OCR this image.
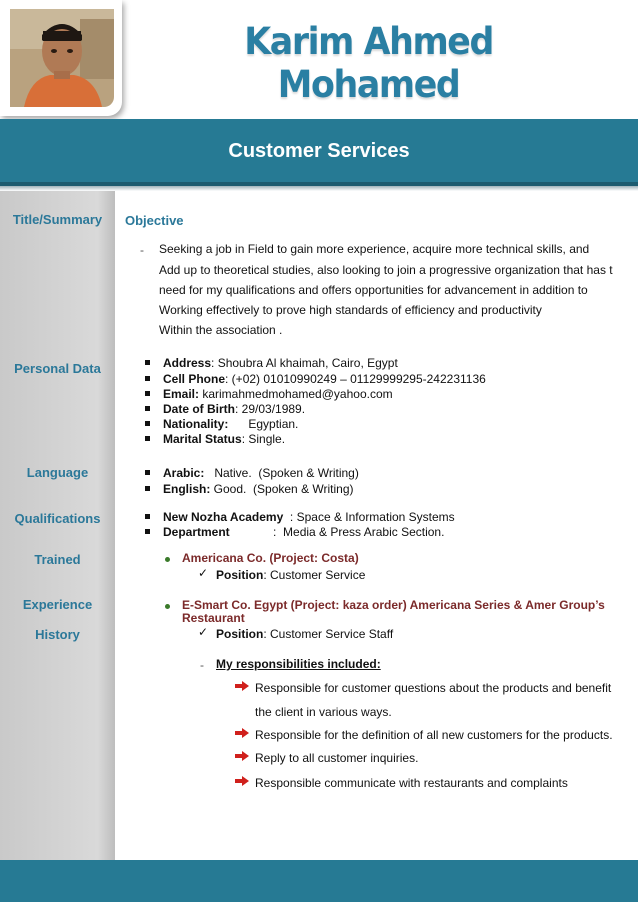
Karim Ahmed Mohamed
Customer Services
Title/Summary
Personal Data
Language
Qualifications
Trained
Experience
History
Objective
- Seeking a job in Field to gain more experience, acquire more technical skills, and
Add up to theoretical studies, also looking to join a progressive organization that has t
need for my qualifications and offers opportunities for advancement in addition to
Working effectively to prove high standards of efficiency and productivity
Within the association .
Address: Shoubra Al khaimah, Cairo, Egypt
Cell Phone: (+02) 01010990249 – 01129999295-242231136
Email: karimahmedmohamed@yahoo.com
Date of Birth: 29/03/1989.
Nationality:      Egyptian.
Marital Status: Single.
Arabic:   Native.  (Spoken & Writing)
English: Good.  (Spoken & Writing)
New Nozha Academy  : Space & Information Systems
Department             :  Media & Press Arabic Section.
Americana Co. (Project: Costa)
✓ Position: Customer Service
E-Smart Co. Egypt (Project: kaza order) Americana Series & Amer Group’s
Restaurant
✓ Position: Customer Service Staff
- My responsibilities included:
Responsible for customer questions about the products and benefit
the client in various ways.
Responsible for the definition of all new customers for the products.
Reply to all customer inquiries.
Responsible communicate with restaurants and complaints
